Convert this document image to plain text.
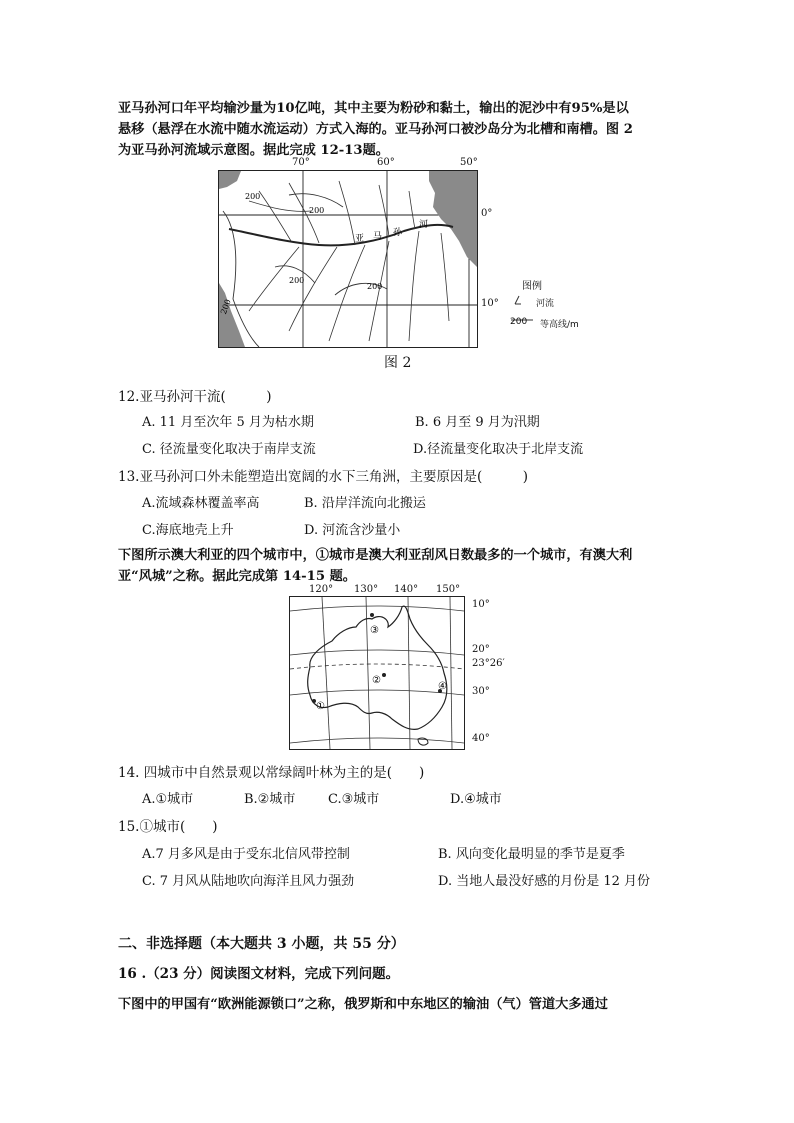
亚马孙河口年平均输沙量为10亿吨，其中主要为粉砂和黏土，输出的泥沙中有95%是以
悬移（悬浮在水流中随水流运动）方式入海的。亚马孙河口被沙岛分为北槽和南槽。图 2
为亚马孙河流域示意图。据此完成 12-13题。
200
200
200
200
200
亚 马 孙
河
70°	60°	50°
0°
10°
图例
河流
200 等高线/m
图 2
12.亚马孙河干流(　　　)
A. 11 月至次年 5 月为枯水期	B. 6 月至 9 月为汛期
C. 径流量变化取决于南岸支流	D.径流量变化取决于北岸支流
13.亚马孙河口外未能塑造出宽阔的水下三角洲，主要原因是(　　　)
A.流域森林覆盖率高	B. 沿岸洋流向北搬运
C.海底地壳上升	D. 河流含沙量小
下图所示澳大利亚的四个城市中，①城市是澳大利亚刮风日数最多的一个城市，有澳大利
亚“风城”之称。据此完成第 14-15 题。
①
②
③
④
120° 130° 140° 150°
10°
20°
23°26′
30°
40°
14. 四城市中自然景观以常绿阔叶林为主的是(　　)
A.①城市	B.②城市	C.③城市	D.④城市
15.①城市(　　)
A.7 月多风是由于受东北信风带控制	B. 风向变化最明显的季节是夏季
C. 7 月风从陆地吹向海洋且风力强劲	D. 当地人最没好感的月份是 12 月份
二、非选择题（本大题共 3 小题，共 55 分）
16 .（23 分）阅读图文材料，完成下列问题。
下图中的甲国有“欧洲能源锁口”之称，俄罗斯和中东地区的输油（气）管道大多通过
